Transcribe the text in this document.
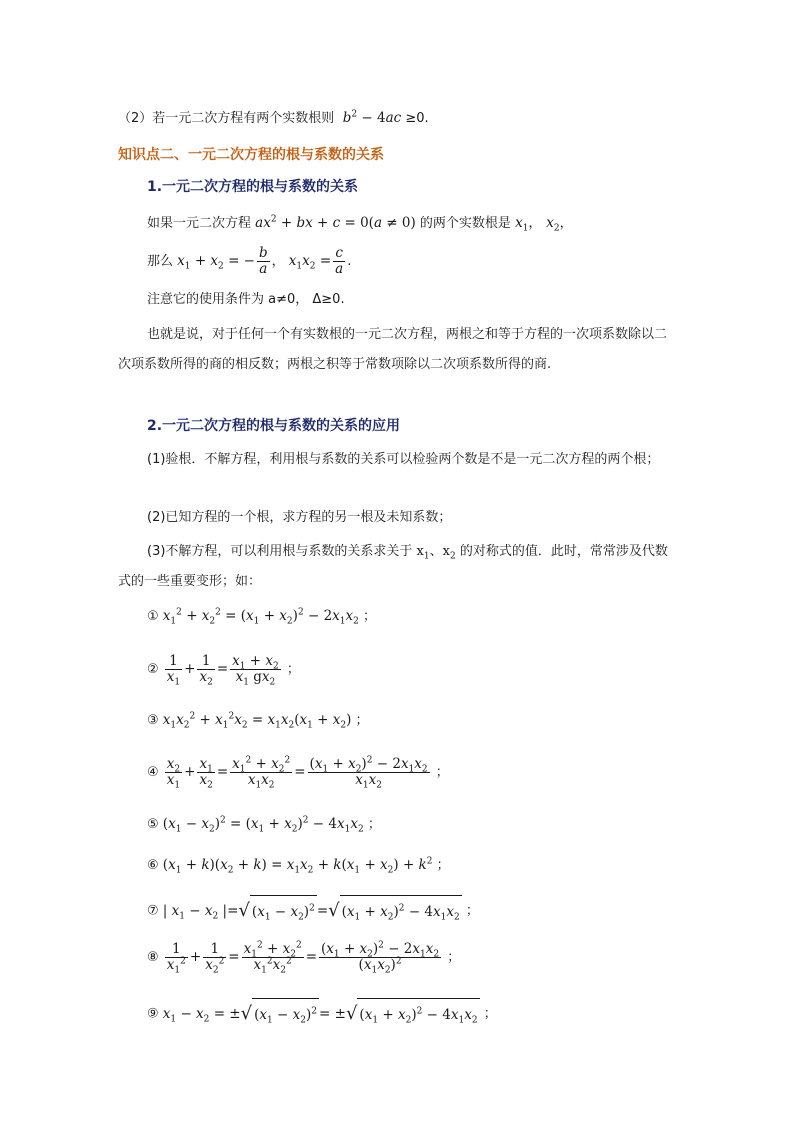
（2）若一元二次方程有两个实数根则  $b^2 - 4ac \ge 0$.
知识点二、一元二次方程的根与系数的关系
1.一元二次方程的根与系数的关系
如果一元二次方程 $ax^2$ + bx + c = 0(a ≠ 0) 的两个实数根是 $x_1$， $x_2$，
那么 $x_1 + x_2$ = − $\frac{b}{a}$ ， $x_1x_2 = \frac{c}{a}$ .
注意它的使用条件为 a≠0， Δ≥0.
也就是说，对于任何一个有实数根的一元二次方程，两根之和等于方程的一次项系数除以二次项系数所得的商的相反数；两根之积等于常数项除以二次项系数所得的商.
2.一元二次方程的根与系数的关系的应用
(1)验根．不解方程，利用根与系数的关系可以检验两个数是不是一元二次方程的两个根；
(2)已知方程的一个根，求方程的另一根及未知系数；
(3)不解方程，可以利用根与系数的关系求关于 $x_1$、$x_2$ 的对称式的值．此时，常常涉及代数式的一些重要变形；如：
① $x_1^2 + x_2^2 = (x_1 + x_2)^2 - 2x_1x_2$ ；
② $\frac{1}{x_1} + \frac{1}{x_2} = \frac{x_1 + x_2}{x_1 gx_2}$ ；
③ $x_1x_2^2 + x_1^2x_2 = x_1x_2(x_1 + x_2)$ ；
④ $\frac{x_2}{x_1} + \frac{x_1}{x_2} = \frac{x_1^2 + x_2^2}{x_1x_2} = \frac{(x_1 + x_2)^2 - 2x_1x_2}{x_1x_2}$ ；
⑤ $(x_1 - x_2)^2 = (x_1 + x_2)^2 - 4x_1x_2$ ；
⑥ $(x_1 + k)(x_2 + k) = x_1x_2 + k(x_1 + x_2) + k^2$ ；
⑦ | $x_1 - x_2$ |=√ $(x_1 - x_2)^2$ =√ $(x_1 + x_2)^2 - 4x_1x_2$ ；
⑧ $\frac{1}{x_1^2} + \frac{1}{x_2^2} = \frac{x_1^2 + x_2^2}{x_1^2x_2^2} = \frac{(x_1 + x_2)^2 - 2x_1x_2}{(x_1x_2)^2}$ ；
⑨ $x_1 - x_2$ = ±√ $(x_1 - x_2)^2$ = ±√ $(x_1 + x_2)^2 - 4x_1x_2$ ；
